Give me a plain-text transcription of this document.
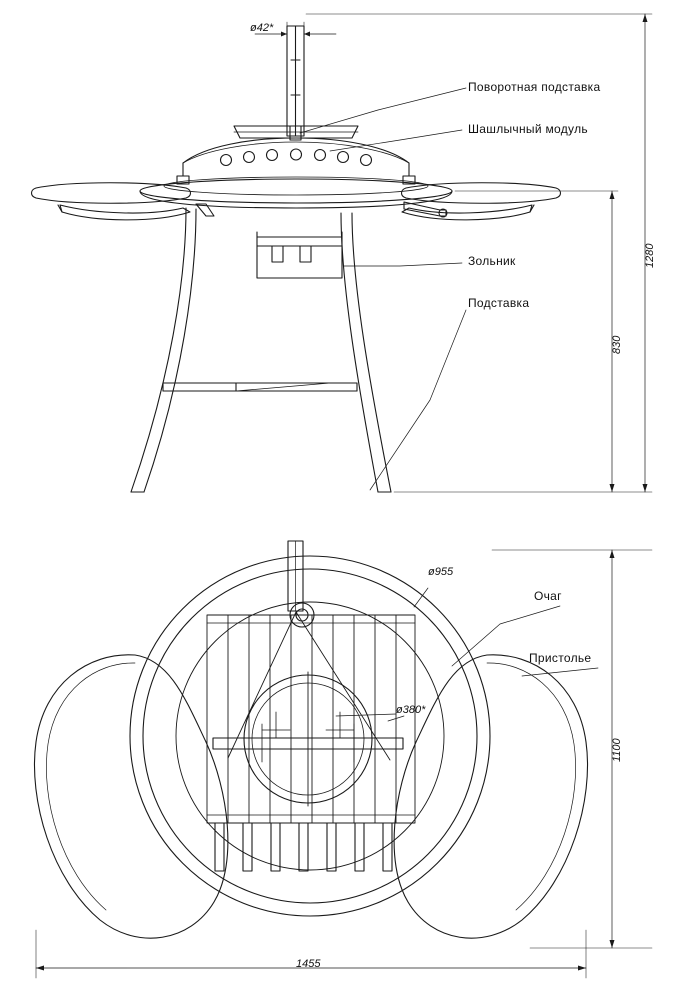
Поворотная подставка
Шашлычный модуль
Зольник
Подставка
ø42*
1280
830
Очаг
Пристолье
ø955
ø380*
1100
1455
